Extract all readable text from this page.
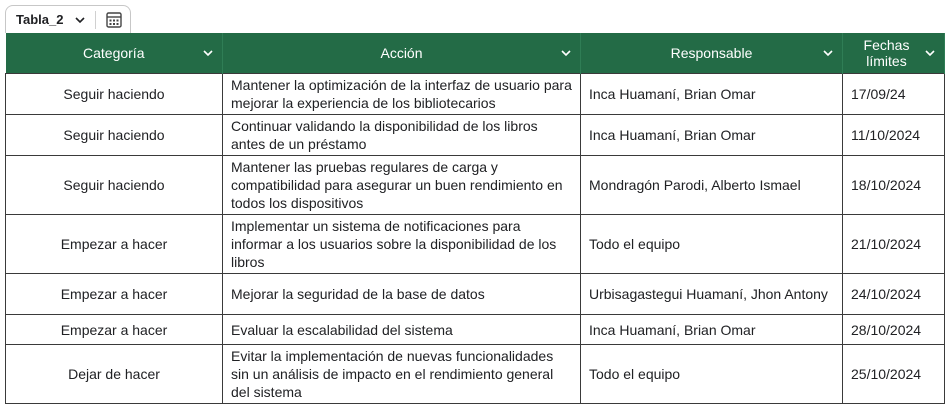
Tabla_2
Categoría	Acción	Responsable	Fechas límites

Seguir haciendo	Mantener la optimización de la interfaz de usuario para mejorar la experiencia de los bibliotecarios	Inca Huamaní, Brian Omar	17/09/24
Seguir haciendo	Continuar validando la disponibilidad de los libros antes de un préstamo	Inca Huamaní, Brian Omar	11/10/2024
Seguir haciendo	Mantener las pruebas regulares de carga y compatibilidad para asegurar un buen rendimiento en todos los dispositivos	Mondragón Parodi, Alberto Ismael	18/10/2024
Empezar a hacer	Implementar un sistema de notificaciones para informar a los usuarios sobre la disponibilidad de los libros	Todo el equipo	21/10/2024
Empezar a hacer	Mejorar la seguridad de la base de datos	Urbisagastegui Huamaní, Jhon Antony	24/10/2024
Empezar a hacer	Evaluar la escalabilidad del sistema	Inca Huamaní, Brian Omar	28/10/2024
Dejar de hacer	Evitar la implementación de nuevas funcionalidades sin un análisis de impacto en el rendimiento general del sistema	Todo el equipo	25/10/2024
